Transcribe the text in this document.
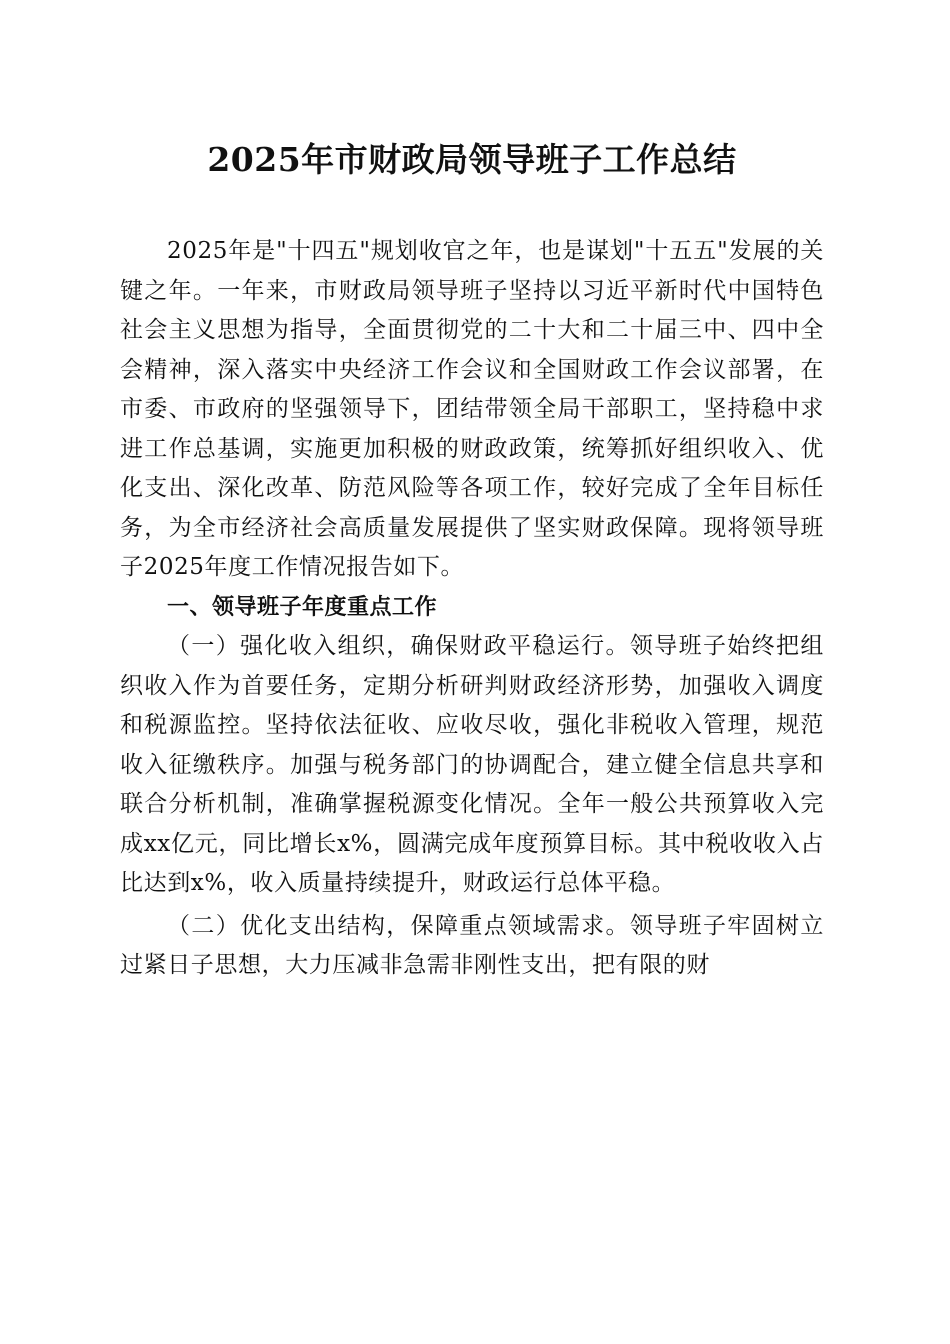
2025年市财政局领导班子工作总结

2025年是"十四五"规划收官之年，也是谋划"十五五"发展的关键之年。一年来，市财政局领导班子坚持以习近平新时代中国特色社会主义思想为指导，全面贯彻党的二十大和二十届三中、四中全会精神，深入落实中央经济工作会议和全国财政工作会议部署，在市委、市政府的坚强领导下，团结带领全局干部职工，坚持稳中求进工作总基调，实施更加积极的财政政策，统筹抓好组织收入、优化支出、深化改革、防范风险等各项工作，较好完成了全年目标任务，为全市经济社会高质量发展提供了坚实财政保障。现将领导班子2025年度工作情况报告如下。

一、领导班子年度重点工作

（一）强化收入组织，确保财政平稳运行。领导班子始终把组织收入作为首要任务，定期分析研判财政经济形势，加强收入调度和税源监控。坚持依法征收、应收尽收，强化非税收入管理，规范收入征缴秩序。加强与税务部门的协调配合，建立健全信息共享和联合分析机制，准确掌握税源变化情况。全年一般公共预算收入完成xx亿元，同比增长x%，圆满完成年度预算目标。其中税收收入占比达到x%，收入质量持续提升，财政运行总体平稳。

（二）优化支出结构，保障重点领域需求。领导班子牢固树立过紧日子思想，大力压减非急需非刚性支出，把有限的财
